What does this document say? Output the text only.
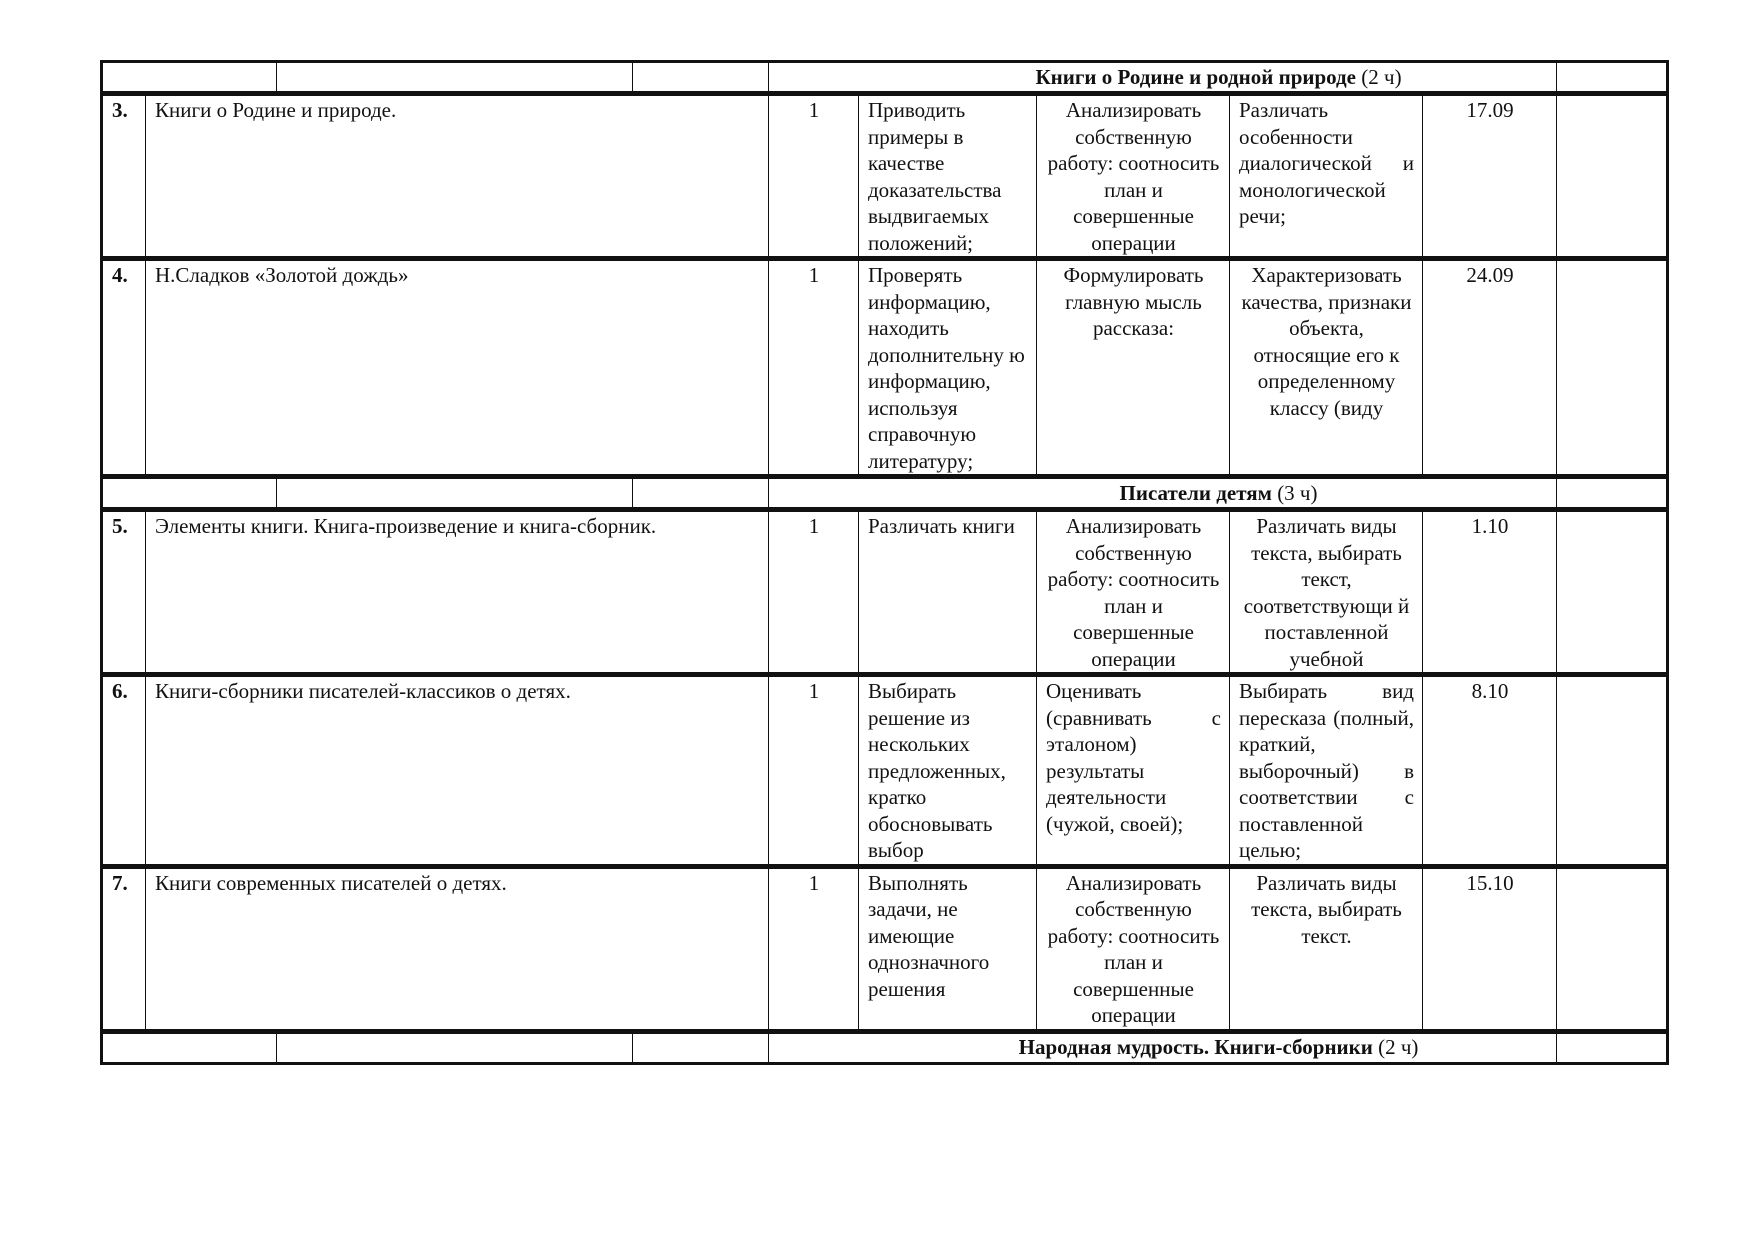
				Книги о Родине и родной природе (2 ч)					
3.	Книги о Родине и природе.			1	Приводить примеры в качестве доказательства выдвигаемых положений;	Анализировать собственную работу: соотносить план и совершенные операции	Различать особенности диалогической и монологической речи;	17.09	
4.	Н.Сладков «Золотой дождь»			1	Проверять информацию, находить дополнительну ю информацию, используя справочную литературу;	Формулировать главную мысль рассказа:	Характеризовать качества, признаки объекта, относящие его к определенному классу (виду	24.09	
				Писатели детям (3 ч)					
5.	Элементы книги. Книга-произведение и книга-сборник.			1	Различать книги	Анализировать собственную работу: соотносить план и совершенные операции	Различать виды текста, выбирать текст, соответствующи й поставленной учебной	1.10	
6.	Книги-сборники писателей-классиков о детях.			1	Выбирать решение из нескольких предложенных, кратко обосновывать выбор	Оценивать (сравнивать с эталоном) результаты деятельности (чужой, своей);	Выбирать вид пересказа (полный, краткий, выборочный) в соответствии с поставленной целью;	8.10	
7.	Книги современных писателей о детях.			1	Выполнять задачи, не имеющие однозначного решения	Анализировать собственную работу: соотносить план и совершенные операции	Различать виды текста, выбирать текст.	15.10	
				Народная мудрость. Книги-сборники (2 ч)					
